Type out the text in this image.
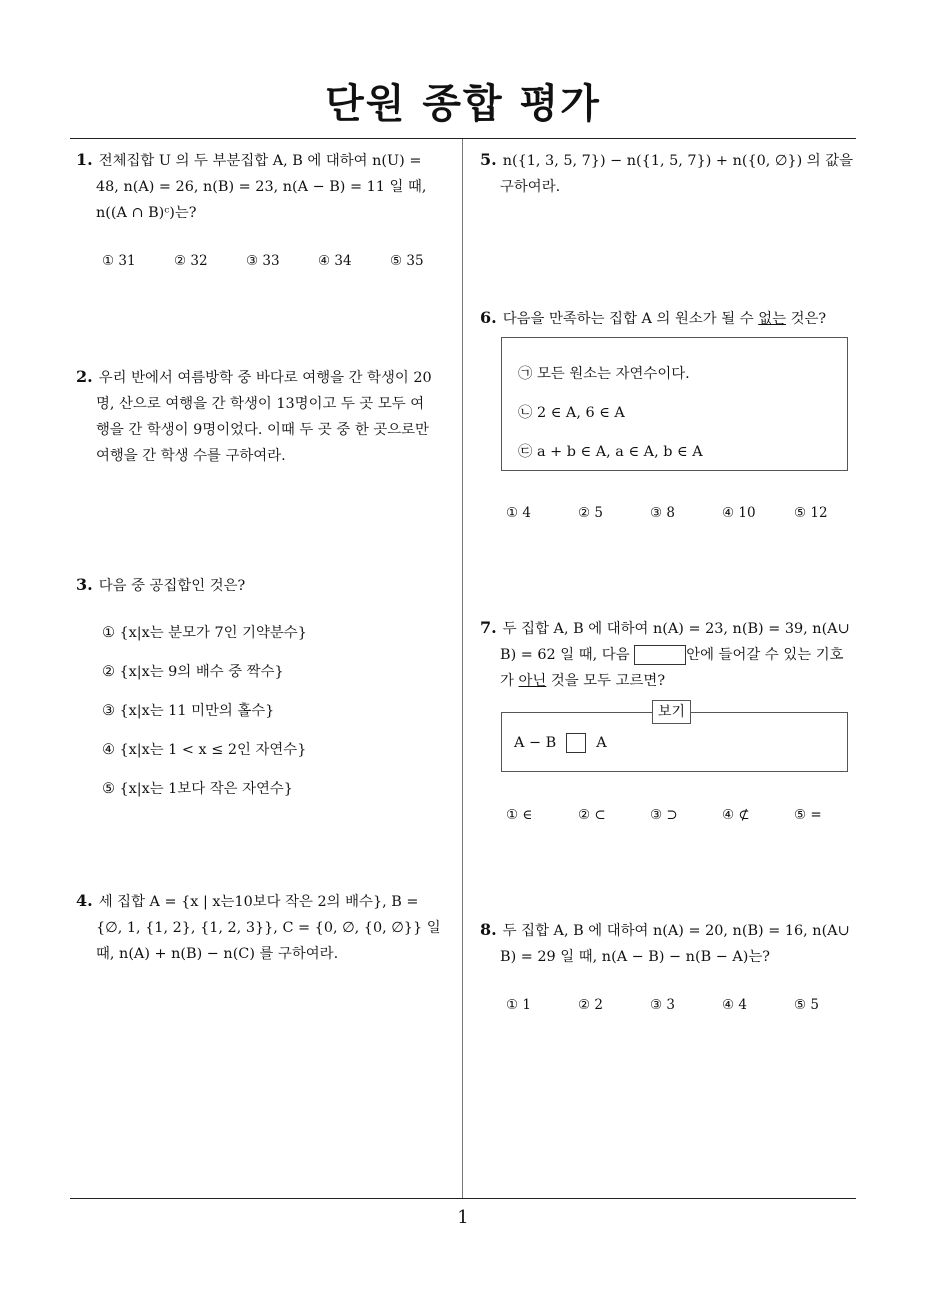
단원 종합 평가
1
1. 전체집합 U 의 두 부분집합 A, B 에 대하여 n(U) =
48, n(A) = 26, n(B) = 23, n(A − B) = 11 일 때,
n((A ∩ B)ᶜ)는?
① 31	② 32	③ 33	④ 34	⑤ 35
2. 우리 반에서 여름방학 중 바다로 여행을 간 학생이 20
명, 산으로 여행을 간 학생이 13명이고 두 곳 모두 여
행을 간 학생이 9명이었다. 이때 두 곳 중 한 곳으로만
여행을 간 학생 수를 구하여라.
3. 다음 중 공집합인 것은?
① {x|x는 분모가 7인 기약분수}
② {x|x는 9의 배수 중 짝수}
③ {x|x는 11 미만의 홀수}
④ {x|x는 1 < x ≤ 2인 자연수}
⑤ {x|x는 1보다 작은 자연수}
4. 세 집합 A = {x | x는10보다 작은 2의 배수}, B =
{∅, 1, {1, 2}, {1, 2, 3}}, C = {0, ∅, {0, ∅}} 일
때, n(A) + n(B) − n(C) 를 구하여라.
5. n({1, 3, 5, 7}) − n({1, 5, 7}) + n({0, ∅}) 의 값을
구하여라.
6. 다음을 만족하는 집합 A 의 원소가 될 수 없는 것은?
㉠ 모든 원소는 자연수이다.
㉡ 2 ∈ A, 6 ∈ A
㉢ a + b ∈ A, a ∈ A, b ∈ A
① 4	② 5	③ 8	④ 10	⑤ 12
7. 두 집합 A, B 에 대하여 n(A) = 23, n(B) = 39, n(A∪
B) = 62 일 때, 다음	안에 들어갈 수 있는 기호
가 아닌 것을 모두 고르면?
보기
A − B	A
① ∈	② ⊂	③ ⊃	④ ⊄	⑤ =
8. 두 집합 A, B 에 대하여 n(A) = 20, n(B) = 16, n(A∪
B) = 29 일 때, n(A − B) − n(B − A)는?
① 1	② 2	③ 3	④ 4	⑤ 5
